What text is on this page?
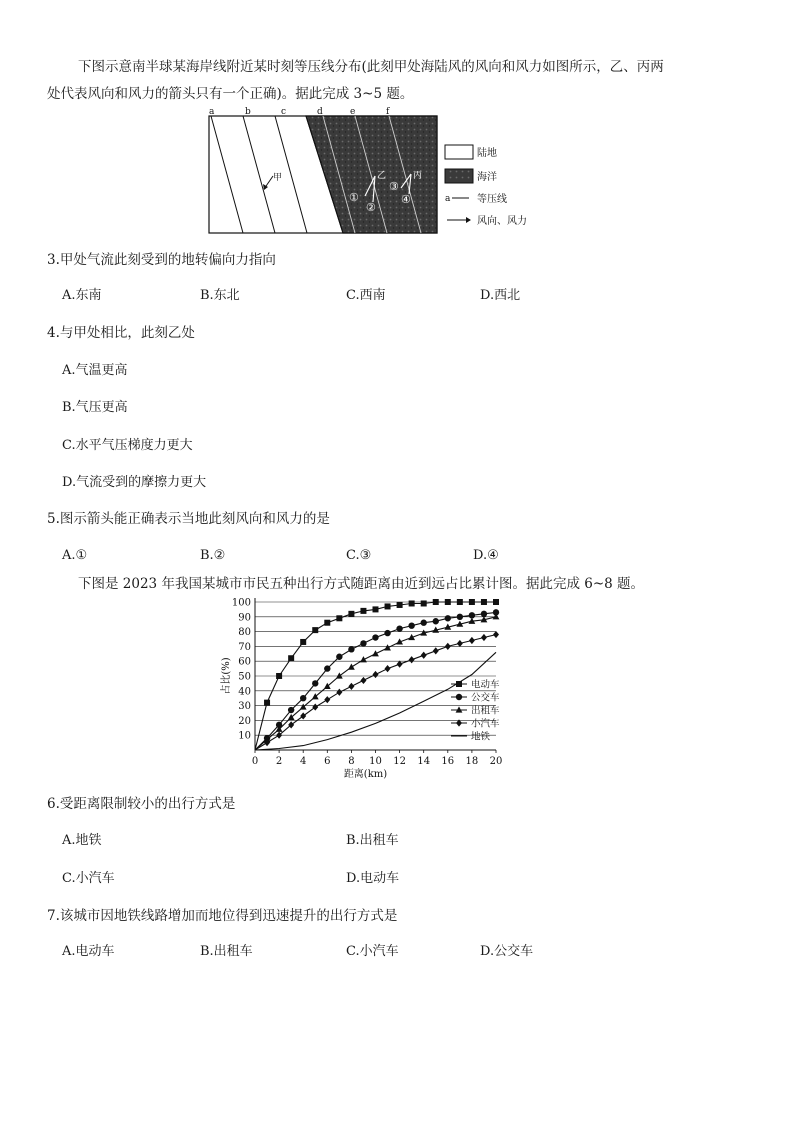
下图示意南半球某海岸线附近某时刻等压线分布(此刻甲处海陆风的风向和风力如图所示，乙、丙两
处代表风向和风力的箭头只有一个正确)。据此完成 3~5 题。
a	b	c	d	e	f
甲	乙	丙
①
②
③
④
陆地
海洋
a	等压线
风向、风力
3.甲处气流此刻受到的地转偏向力指向
A.东南	B.东北	C.西南	D.西北
4.与甲处相比，此刻乙处
A.气温更高
B.气压更高
C.水平气压梯度力更大
D.气流受到的摩擦力更大
5.图示箭头能正确表示当地此刻风向和风力的是
A.①	B.②	C.③	D.④
下图是 2023 年我国某城市市民五种出行方式随距离由近到远占比累计图。据此完成 6~8 题。
10
20
30
40
50
60
70
80
90
100
0 2 4 6 8 10 12 14 16 18 20
距离(km)
占比(%)	电动车
公交车
出租车
小汽车
地铁
6.受距离限制较小的出行方式是
A.地铁	B.出租车
C.小汽车	D.电动车
7.该城市因地铁线路增加而地位得到迅速提升的出行方式是
A.电动车	B.出租车	C.小汽车	D.公交车
